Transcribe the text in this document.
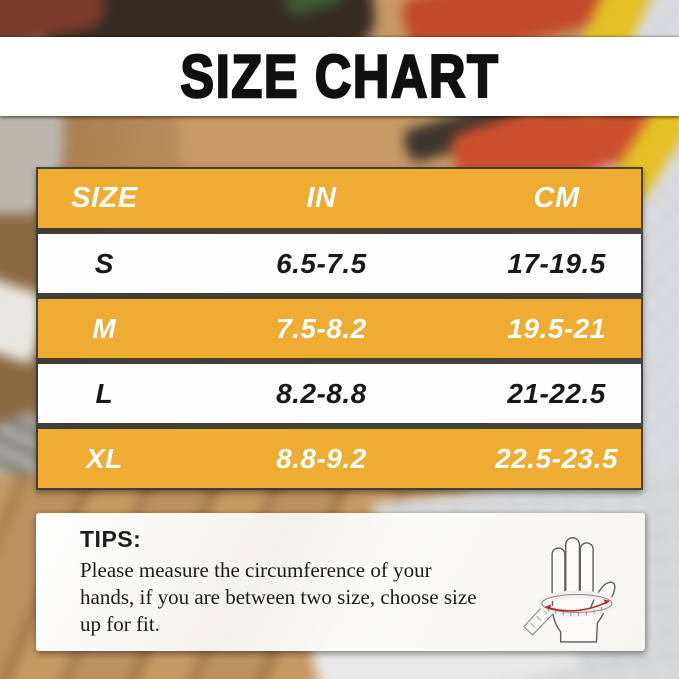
SIZE CHART
SIZE	IN	CM
S	6.5-7.5	17-19.5
M	7.5-8.2	19.5-21
L	8.2-8.8	21-22.5
XL	8.8-9.2	22.5-23.5

TIPS:

Please measure the circumference of your hands, if you are between two size, choose size up for fit.
